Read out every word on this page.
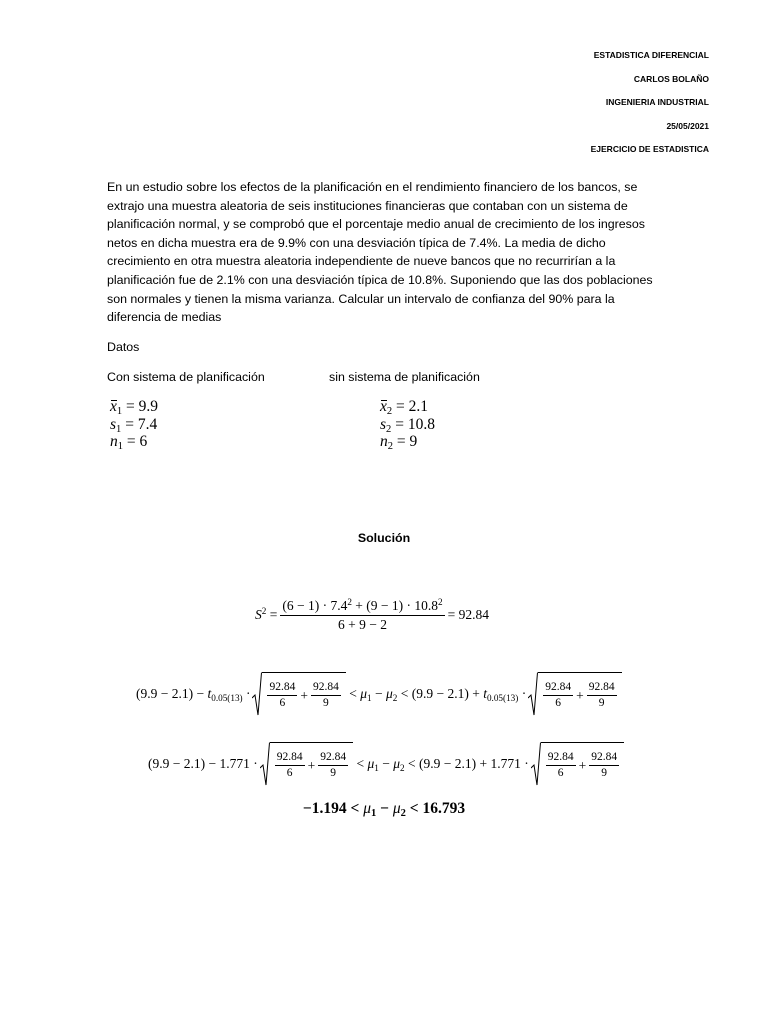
ESTADISTICA DIFERENCIAL
CARLOS BOLAÑO
INGENIERIA INDUSTRIAL
25/05/2021
EJERCICIO DE ESTADISTICA
En un estudio sobre los efectos de la planificación en el rendimiento financiero de los bancos, se extrajo una muestra aleatoria de seis instituciones financieras que contaban con un sistema de planificación normal, y se comprobó que el porcentaje medio anual de crecimiento de los ingresos netos en dicha muestra era de 9.9% con una desviación típica de 7.4%. La media de dicho crecimiento en otra muestra aleatoria independiente de nueve bancos que no recurrirían a la planificación fue de 2.1% con una desviación típica de 10.8%. Suponiendo que las dos poblaciones son normales y tienen la misma varianza. Calcular un intervalo de confianza del 90% para la diferencia de medias
Datos
Con sistema de planificación	sin sistema de planificación
$x_1 = 9.9$
$s_1 = 7.4$
$n_1 = 6$
$x_2 = 2.1$
$s_2 = 10.8$
$n_2 = 9$
Solución
$S^2 = \frac{(6 - 1) \cdot 7.4^2 + (9 - 1) \cdot 10.8^2}{6 + 9 - 2} = 92.84$
$(9.9 - 2.1) - t_{0.05(13)} \cdot \frac{92.84}{6} + \frac{92.84}{9} < \mu_1 - \mu_2 < (9.9 - 2.1) + t_{0.05(13)} \cdot \frac{92.84}{6} + \frac{92.84}{9}$
$(9.9 - 2.1) - 1.771 \cdot \frac{92.84}{6} + \frac{92.84}{9} < \mu_1 - \mu_2 < (9.9 - 2.1) + 1.771 \cdot \frac{92.84}{6} + \frac{92.84}{9}$
$-1.194 < \mu_1 - \mu_2 < 16.793$
